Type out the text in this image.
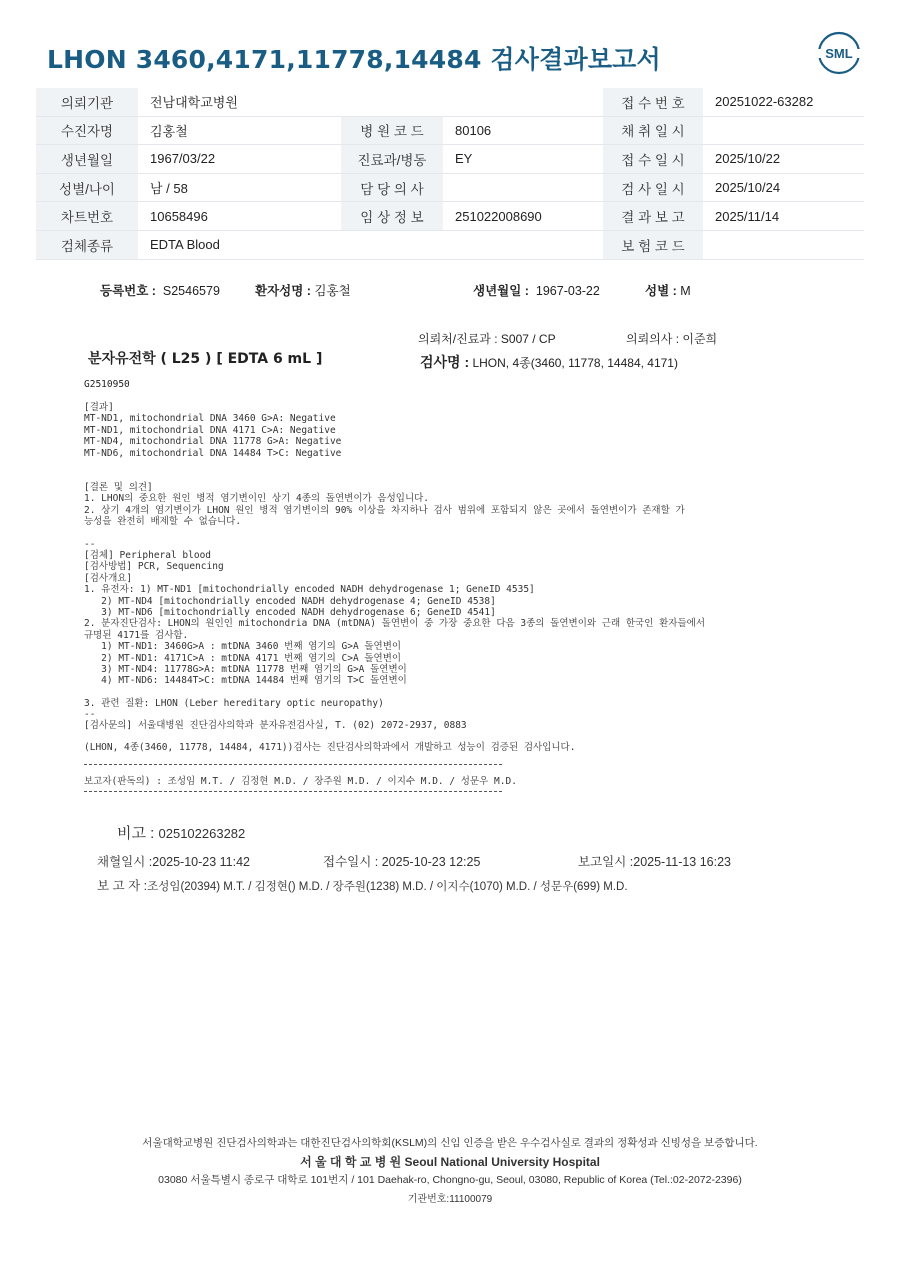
LHON 3460,4171,11778,14484 검사결과보고서	SML
의뢰기관	전남대학교병원			접 수 번 호	20251022-63282
수진자명	김홍철	병 원 코 드	80106	채 취 일 시	
생년월일	1967/03/22	진료과/병동	EY	접 수 일 시	2025/10/22
성별/나이	남 / 58	담 당 의 사		검 사 일 시	2025/10/24
차트번호	10658496	임 상 정 보	251022008690	결 과 보 고	2025/11/14
검체종류	EDTA Blood			보 험 코 드	
등록번호 : S2546579	환자성명 : 김홍철	생년월일 : 1967-03-22	성별 : M
의뢰처/진료과 : S007 / CP	의뢰의사 : 이준희
분자유전학 ( L25 ) [ EDTA 6 mL ]	검사명 : LHON, 4종(3460, 11778, 14484, 4171)
G2510950
[결과]
MT-ND1, mitochondrial DNA 3460 G>A: Negative
MT-ND1, mitochondrial DNA 4171 C>A: Negative
MT-ND4, mitochondrial DNA 11778 G>A: Negative
MT-ND6, mitochondrial DNA 14484 T>C: Negative
[결론 및 의견]
1. LHON의 중요한 원인 병적 염기변이인 상기 4종의 돌연변이가 음성입니다.
2. 상기 4개의 염기변이가 LHON 원인 병적 염기변이의 90% 이상을 차지하나 검사 범위에 포함되지 않은 곳에서 돌연변이가 존재할 가
능성을 완전히 배제할 수 없습니다.
--
[검체] Peripheral blood
[검사방법] PCR, Sequencing
[검사개요]
1. 유전자: 1) MT-ND1 [mitochondrially encoded NADH dehydrogenase 1; GeneID 4535]
2) MT-ND4 [mitochondrially encoded NADH dehydrogenase 4; GeneID 4538]
3) MT-ND6 [mitochondrially encoded NADH dehydrogenase 6; GeneID 4541]
2. 분자진단검사: LHON의 원인인 mitochondria DNA (mtDNA) 돌연변이 중 가장 중요한 다음 3종의 돌연변이와 근래 한국인 환자들에서
규명된 4171를 검사함.
1) MT-ND1: 3460G>A : mtDNA 3460 번째 염기의 G>A 돌연변이
2) MT-ND1: 4171C>A : mtDNA 4171 번째 염기의 C>A 돌연변이
3) MT-ND4: 11778G>A: mtDNA 11778 번째 염기의 G>A 돌연변이
4) MT-ND6: 14484T>C: mtDNA 14484 번째 염기의 T>C 돌연변이
3. 관련 질환: LHON (Leber hereditary optic neuropathy)
--
[검사문의] 서울대병원 진단검사의학과 분자유전검사실, T. (02) 2072-2937, 0883
(LHON, 4종(3460, 11778, 14484, 4171))검사는 진단검사의학과에서 개발하고 성능이 검증된 검사입니다.
보고자(판독의) : 조성임 M.T. / 김정현 M.D. / 장주원 M.D. / 이지수 M.D. / 성문우 M.D.
비고 : 025102263282
채혈일시 :2025-10-23 11:42	접수일시 : 2025-10-23 12:25	보고일시 :2025-11-13 16:23
보 고 자 :조성임(20394) M.T. / 김정현() M.D. / 장주원(1238) M.D. / 이지수(1070) M.D. / 성문우(699) M.D.
서울대학교병원 진단검사의학과는 대한진단검사의학회(KSLM)의 신임 인증을 받은 우수검사실로 결과의 정확성과 신빙성을 보증합니다.
서 울 대 학 교 병 원 Seoul National University Hospital
03080 서울특별시 종로구 대학로 101번지 / 101 Daehak-ro, Chongno-gu, Seoul, 03080, Republic of Korea (Tel.:02-2072-2396)
기관번호:11100079
